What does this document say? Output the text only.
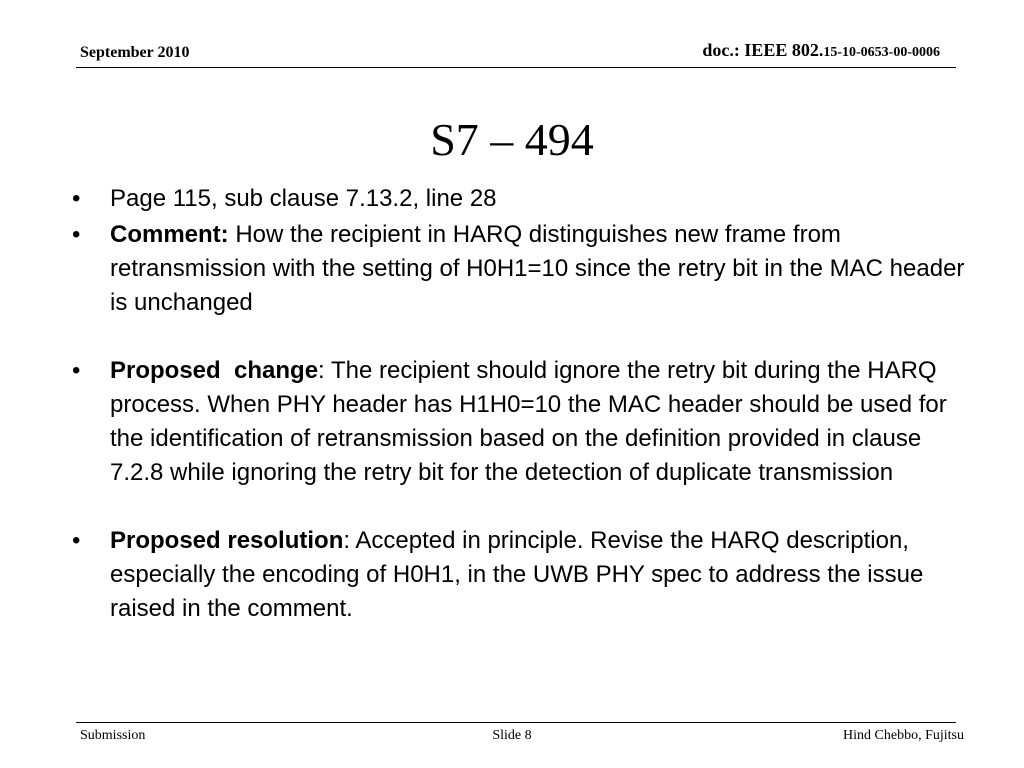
September 2010	doc.: IEEE 802.15-10-0653-00-0006
S7 – 494
• Page 115, sub clause 7.13.2, line 28
• Comment: How the recipient in HARQ distinguishes new frame from retransmission with the setting of H0H1=10 since the retry bit in the MAC header is unchanged
• Proposed  change: The recipient should ignore the retry bit during the HARQ process. When PHY header has H1H0=10 the MAC header should be used for the identification of retransmission based on the definition provided in clause 7.2.8 while ignoring the retry bit for the detection of duplicate transmission
• Proposed resolution: Accepted in principle. Revise the HARQ description, especially the encoding of H0H1, in the UWB PHY spec to address the issue raised in the comment.
Submission	Slide 8	Hind Chebbo, Fujitsu
